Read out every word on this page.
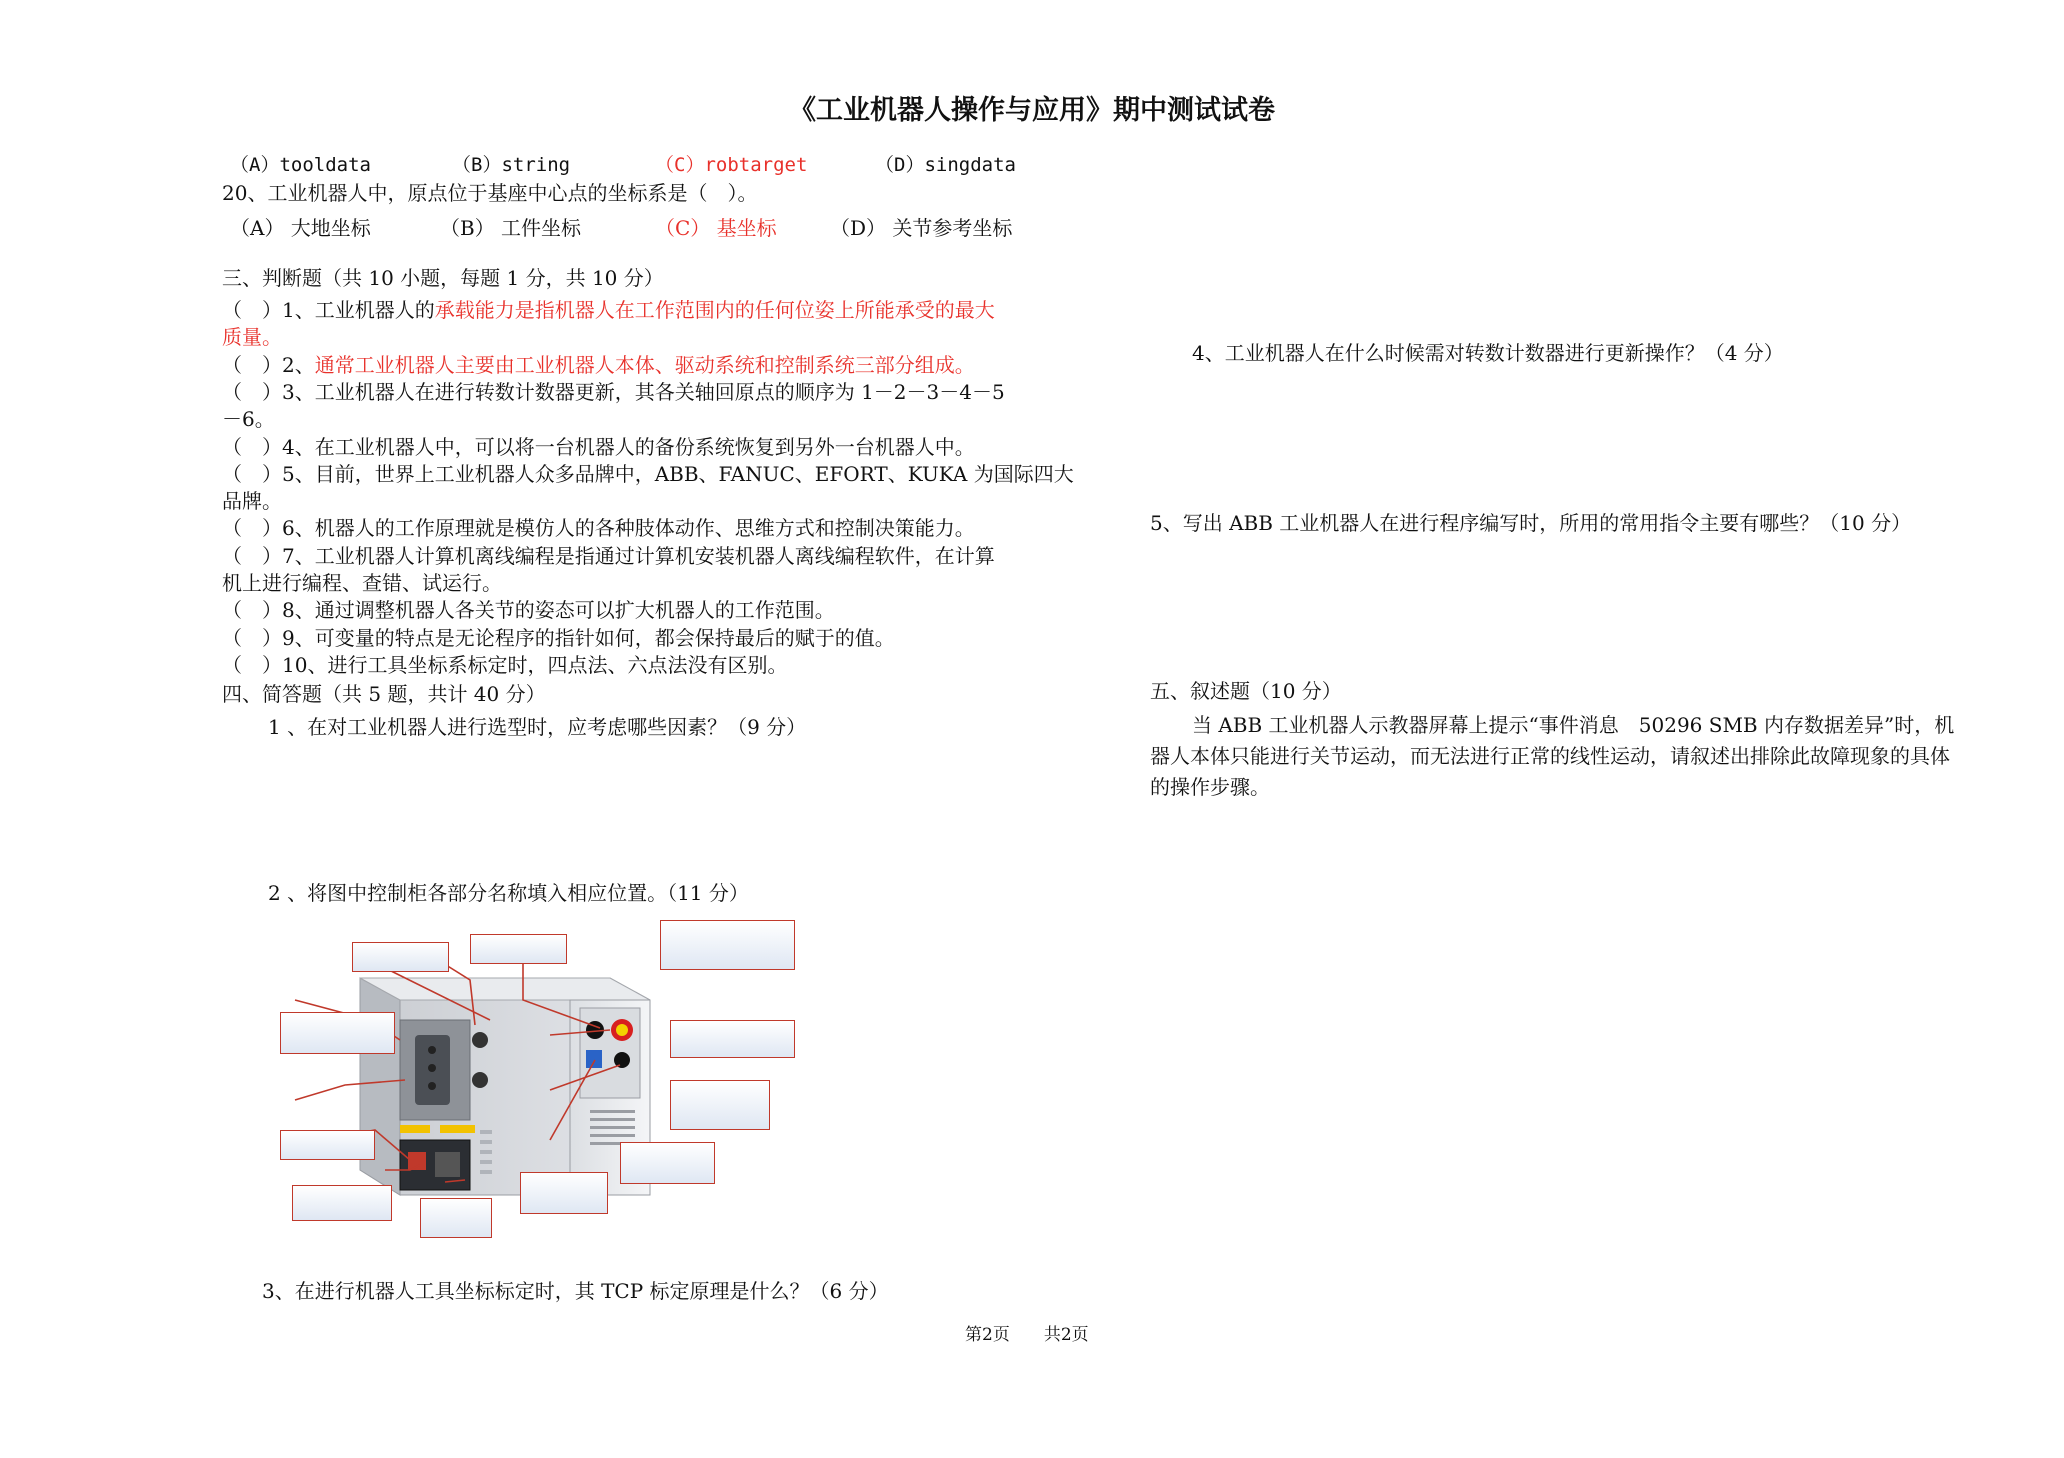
《工业机器人操作与应用》期中测试试卷
（A）tooldata	（B）string	（C）robtarget	（D）singdata
20、工业机器人中，原点位于基座中心点的坐标系是（　）。
（A） 大地坐标	（B） 工件坐标	（C） 基坐标	（D） 关节参考坐标
三、判断题（共 10 小题，每题 1 分，共 10 分）
（　）1、工业机器人的承载能力是指机器人在工作范围内的任何位姿上所能承受的最大
质量。
（　）2、通常工业机器人主要由工业机器人本体、驱动系统和控制系统三部分组成。
（　）3、工业机器人在进行转数计数器更新，其各关轴回原点的顺序为 1－2－3－4－5
－6。
（　）4、在工业机器人中，可以将一台机器人的备份系统恢复到另外一台机器人中。
（　）5、目前，世界上工业机器人众多品牌中，ABB、FANUC、EFORT、KUKA 为国际四大
品牌。
（　）6、机器人的工作原理就是模仿人的各种肢体动作、思维方式和控制决策能力。
（　）7、工业机器人计算机离线编程是指通过计算机安装机器人离线编程软件，在计算
机上进行编程、查错、试运行。
（　）8、通过调整机器人各关节的姿态可以扩大机器人的工作范围。
（　）9、可变量的特点是无论程序的指针如何，都会保持最后的赋于的值。
（　）10、进行工具坐标系标定时，四点法、六点法没有区别。
四、简答题（共 5 题，共计 40 分）
1 、在对工业机器人进行选型时，应考虑哪些因素？（9 分）
2 、将图中控制柜各部分名称填入相应位置。（11 分）
3、在进行机器人工具坐标标定时，其 TCP 标定原理是什么？（6 分）
4、工业机器人在什么时候需对转数计数器进行更新操作？（4 分）
5、写出 ABB 工业机器人在进行程序编写时，所用的常用指令主要有哪些？（10 分）
五、叙述题（10 分）
当 ABB 工业机器人示教器屏幕上提示“事件消息　50296 SMB 内存数据差异”时，机器人本体只能进行关节运动，而无法进行正常的线性运动，请叙述出排除此故障现象的具体的操作步骤。
第2页　　共2页
